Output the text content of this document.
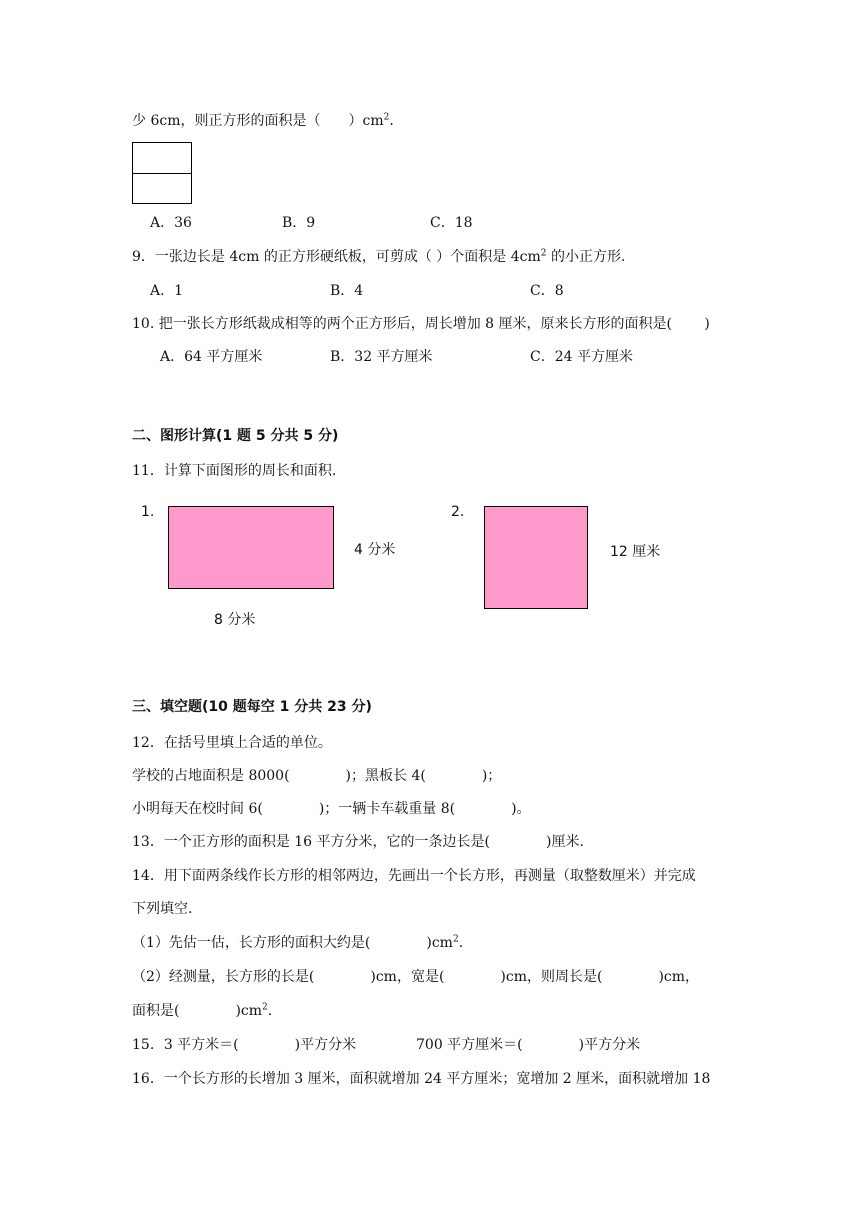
少 6cm，则正方形的面积是（　　）$cm^2$.
A．36	B．9	C．18
9．一张边长是 4cm 的正方形硬纸板，可剪成（ ）个面积是 $4cm^2$ 的小正方形.
A．1	B．4	C．8
10. 把一张长方形纸裁成相等的两个正方形后，周长增加 8 厘米，原来长方形的面积是(　　 )
A．64 平方厘米	B．32 平方厘米	C．24 平方厘米
二、图形计算(1 题 5 分共 5 分)
11．计算下面图形的周长和面积.
1.
4 分米
8 分米
2.
12 厘米
三、填空题(10 题每空 1 分共 23 分)
12．在括号里填上合适的单位。
学校的占地面积是 8000(　　　　)；黑板长 4(　　　　)；
小明每天在校时间 6(　　　　)；一辆卡车载重量 8(　　　　)。
13．一个正方形的面积是 16 平方分米，它的一条边长是(　　　　)厘米.
14．用下面两条线作长方形的相邻两边，先画出一个长方形，再测量（取整数厘米）并完成
下列填空.
（1）先估一估，长方形的面积大约是(　　　　)$cm^2$.
（2）经测量，长方形的长是(　　　　)cm，宽是(　　　　)cm，则周长是(　　　　)cm，
面积是(　　　　)$cm^2$.
15．3 平方米＝(　　　　)平方分米	700 平方厘米＝(　　　　)平方分米
16．一个长方形的长增加 3 厘米，面积就增加 24 平方厘米；宽增加 2 厘米，面积就增加 18
